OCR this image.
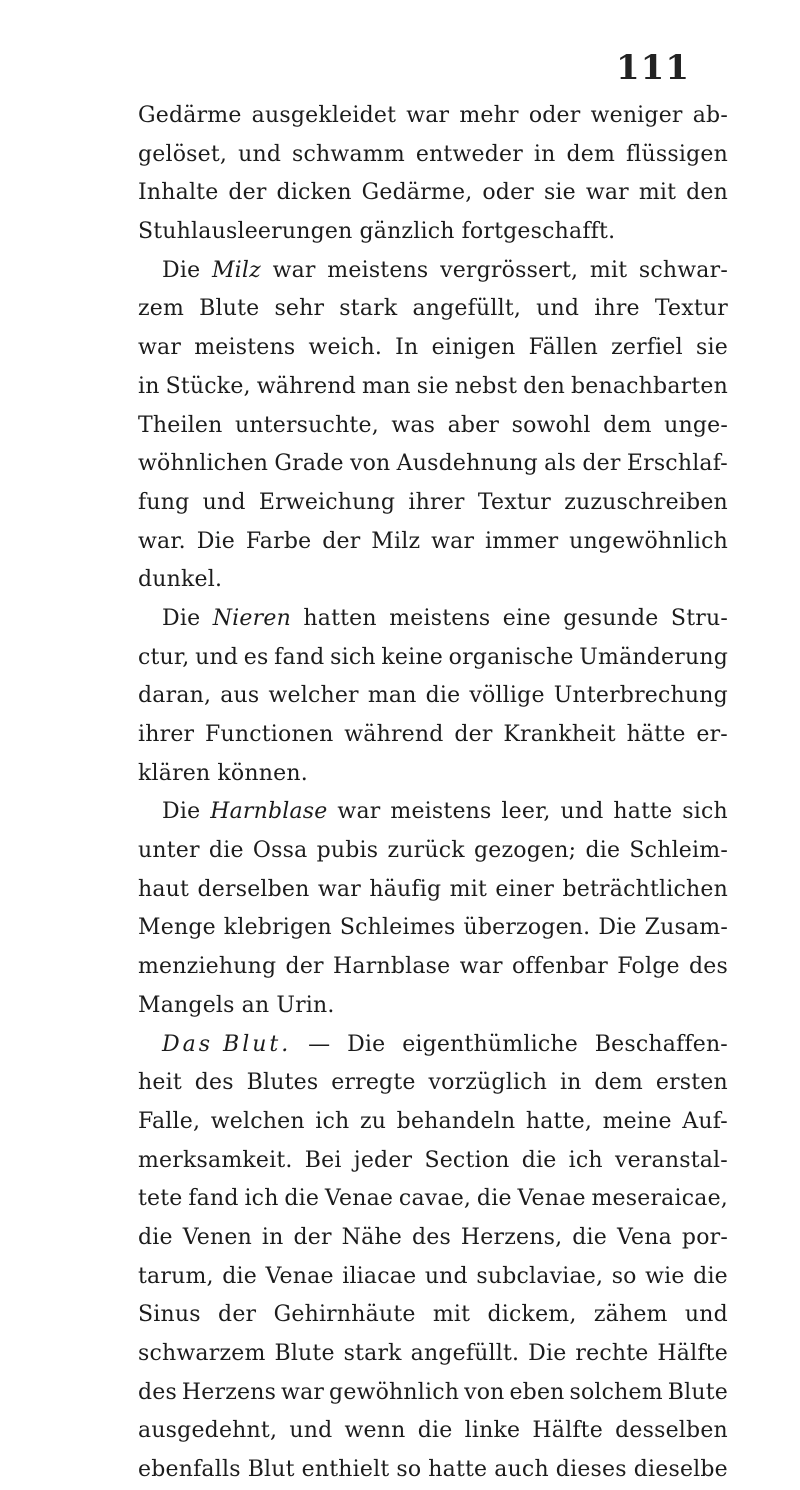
111
Gedärme ausgekleidet war mehr oder weniger ab-
gelöset, und schwamm entweder in dem flüssigen
Inhalte der dicken Gedärme, oder sie war mit den
Stuhlausleerungen gänzlich fortgeschafft.
Die Milz war meistens vergrössert, mit schwar-
zem Blute sehr stark angefüllt, und ihre Textur
war meistens weich. In einigen Fällen zerfiel sie
in Stücke, während man sie nebst den benachbarten
Theilen untersuchte, was aber sowohl dem unge-
wöhnlichen Grade von Ausdehnung als der Erschlaf-
fung und Erweichung ihrer Textur zuzuschreiben
war. Die Farbe der Milz war immer ungewöhnlich
dunkel.
Die Nieren hatten meistens eine gesunde Stru-
ctur, und es fand sich keine organische Umänderung
daran, aus welcher man die völlige Unterbrechung
ihrer Functionen während der Krankheit hätte er-
klären können.
Die Harnblase war meistens leer, und hatte sich
unter die Ossa pubis zurück gezogen; die Schleim-
haut derselben war häufig mit einer beträchtlichen
Menge klebrigen Schleimes überzogen. Die Zusam-
menziehung der Harnblase war offenbar Folge des
Mangels an Urin.
Das Blut. — Die eigenthümliche Beschaffen-
heit des Blutes erregte vorzüglich in dem ersten
Falle, welchen ich zu behandeln hatte, meine Auf-
merksamkeit. Bei jeder Section die ich veranstal-
tete fand ich die Venae cavae, die Venae meseraicae,
die Venen in der Nähe des Herzens, die Vena por-
tarum, die Venae iliacae und subclaviae, so wie die
Sinus der Gehirnhäute mit dickem, zähem und
schwarzem Blute stark angefüllt. Die rechte Hälfte
des Herzens war gewöhnlich von eben solchem Blute
ausgedehnt, und wenn die linke Hälfte desselben
ebenfalls Blut enthielt so hatte auch dieses dieselbe
